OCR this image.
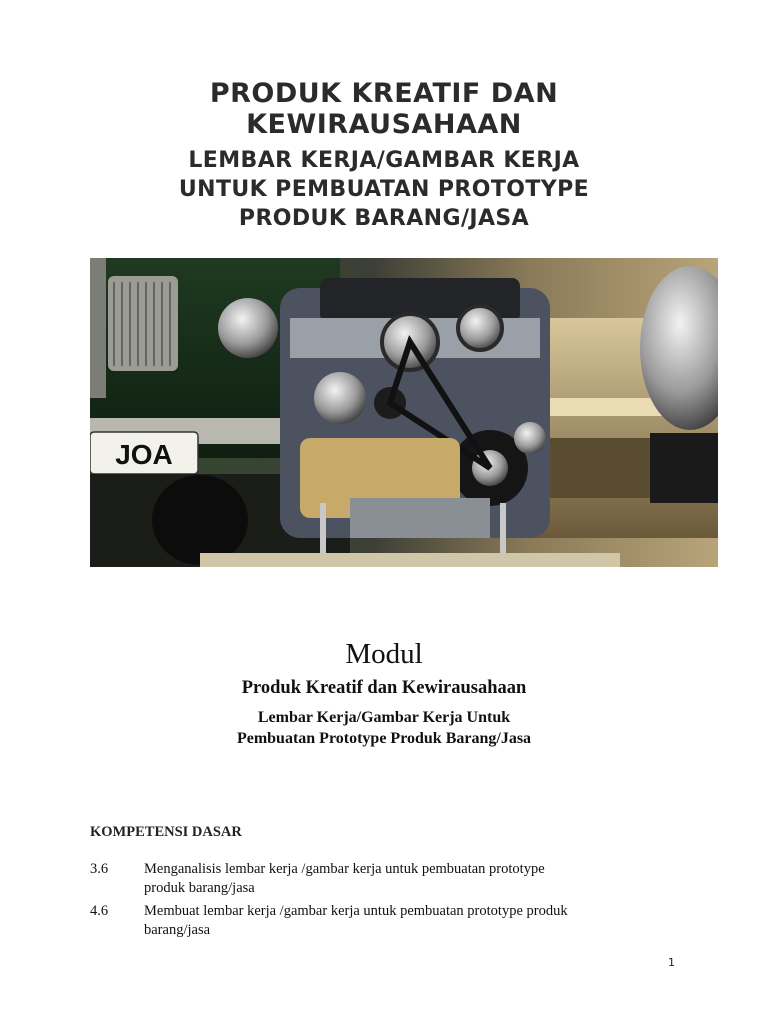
PRODUK KREATIF DAN
KEWIRAUSAHAAN
LEMBAR KERJA/GAMBAR KERJA
UNTUK PEMBUATAN PROTOTYPE
PRODUK BARANG/JASA
JOA
Modul
Produk Kreatif dan Kewirausahaan
Lembar Kerja/Gambar Kerja Untuk
Pembuatan Prototype Produk Barang/Jasa
KOMPETENSI DASAR
3.6 Menganalisis lembar kerja /gambar kerja untuk pembuatan prototype
produk barang/jasa
4.6 Membuat lembar kerja /gambar kerja untuk pembuatan prototype produk
barang/jasa
1
